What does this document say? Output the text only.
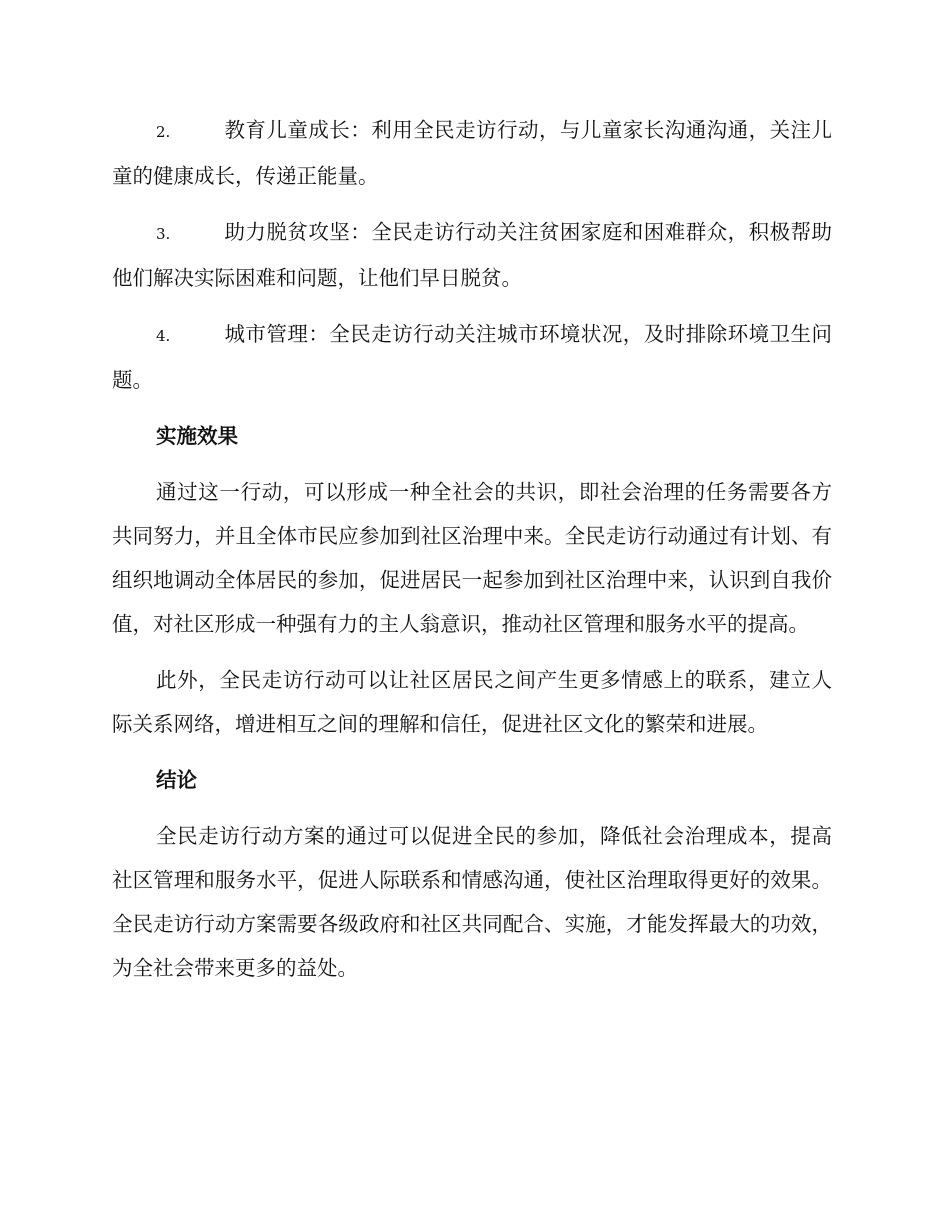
2.	教育儿童成长：利用全民走访行动，与儿童家长沟通沟通，关注儿童的健康成长，传递正能量。

3.	助力脱贫攻坚：全民走访行动关注贫困家庭和困难群众，积极帮助他们解决实际困难和问题，让他们早日脱贫。

4.	城市管理：全民走访行动关注城市环境状况，及时排除环境卫生问题。

实施效果

通过这一行动，可以形成一种全社会的共识，即社会治理的任务需要各方共同努力，并且全体市民应参加到社区治理中来。全民走访行动通过有计划、有组织地调动全体居民的参加，促进居民一起参加到社区治理中来，认识到自我价值，对社区形成一种强有力的主人翁意识，推动社区管理和服务水平的提高。

此外，全民走访行动可以让社区居民之间产生更多情感上的联系，建立人际关系网络，增进相互之间的理解和信任，促进社区文化的繁荣和进展。

结论

全民走访行动方案的通过可以促进全民的参加，降低社会治理成本，提高社区管理和服务水平，促进人际联系和情感沟通，使社区治理取得更好的效果。全民走访行动方案需要各级政府和社区共同配合、实施，才能发挥最大的功效，为全社会带来更多的益处。
